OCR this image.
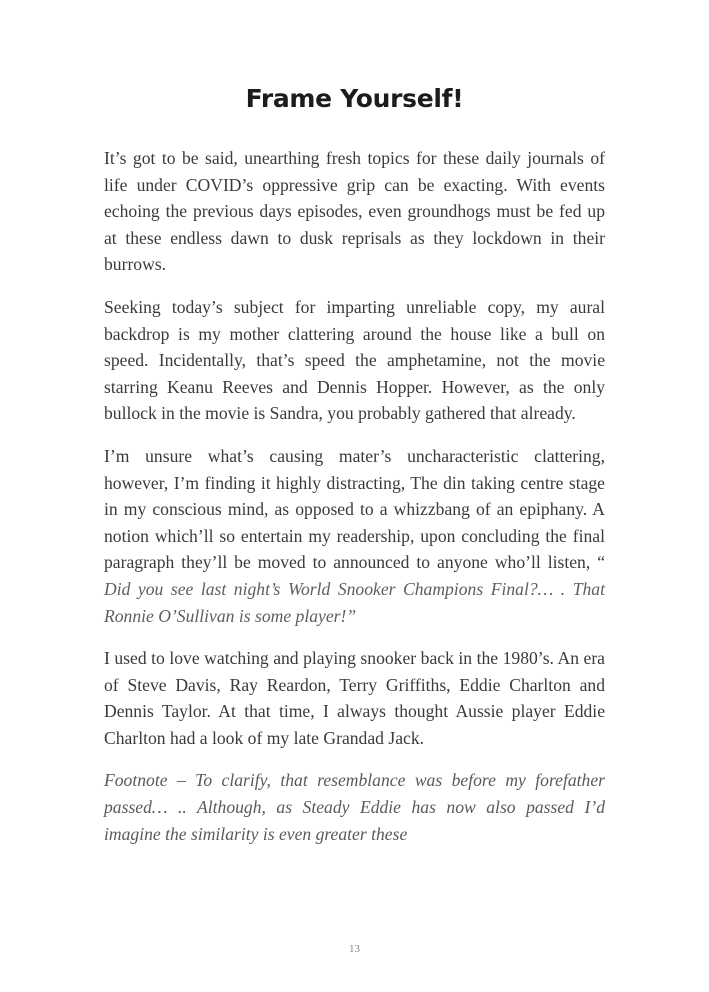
Frame Yourself!

It’s got to be said, unearthing fresh topics for these daily journals of life under COVID’s oppressive grip can be exacting. With events echoing the previous days episodes, even groundhogs must be fed up at these endless dawn to dusk reprisals as they lockdown in their burrows.

Seeking today’s subject for imparting unreliable copy, my aural backdrop is my mother clattering around the house like a bull on speed. Incidentally, that’s speed the amphetamine, not the movie starring Keanu Reeves and Dennis Hopper. However, as the only bullock in the movie is Sandra, you probably gathered that already.

I’m unsure what’s causing mater’s uncharacteristic clattering, however, I’m finding it highly distracting, The din taking centre stage in my conscious mind, as opposed to a whizzbang of an epiphany. A notion which’ll so entertain my readership, upon concluding the final paragraph they’ll be moved to announced to anyone who’ll listen, “ Did you see last night’s World Snooker Champions Final?… . That Ronnie O’Sullivan is some player!”

I used to love watching and playing snooker back in the 1980’s. An era of Steve Davis, Ray Reardon, Terry Griffiths, Eddie Charlton and Dennis Taylor. At that time, I always thought Aussie player Eddie Charlton had a look of my late Grandad Jack.

Footnote – To clarify, that resemblance was before my forefather passed… .. Although, as Steady Eddie has now also passed I’d imagine the similarity is even greater these

13
